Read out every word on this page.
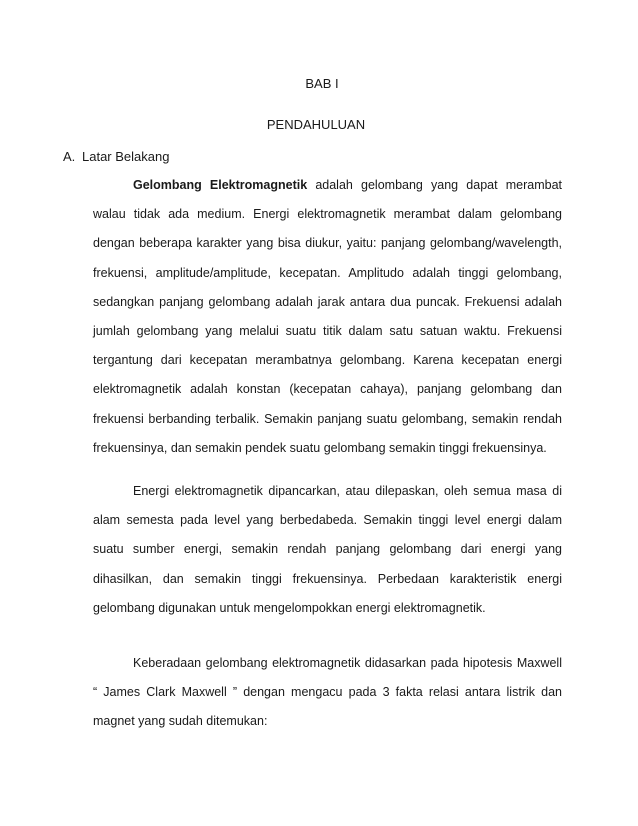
BAB I
PENDAHULUAN
A. Latar Belakang

Gelombang Elektromagnetik adalah gelombang yang dapat merambat walau tidak ada medium. Energi elektromagnetik merambat dalam gelombang dengan beberapa karakter yang bisa diukur, yaitu: panjang gelombang/wavelength, frekuensi, amplitude/amplitude, kecepatan. Amplitudo adalah tinggi gelombang, sedangkan panjang gelombang adalah jarak antara dua puncak. Frekuensi adalah jumlah gelombang yang melalui suatu titik dalam satu satuan waktu. Frekuensi tergantung dari kecepatan merambatnya gelombang. Karena kecepatan energi elektromagnetik adalah konstan (kecepatan cahaya), panjang gelombang dan frekuensi berbanding terbalik. Semakin panjang suatu gelombang, semakin rendah frekuensinya, dan semakin pendek suatu gelombang semakin tinggi frekuensinya.

Energi elektromagnetik dipancarkan, atau dilepaskan, oleh semua masa di alam semesta pada level yang berbedabeda. Semakin tinggi level energi dalam suatu sumber energi, semakin rendah panjang gelombang dari energi yang dihasilkan, dan semakin tinggi frekuensinya. Perbedaan karakteristik energi gelombang digunakan untuk mengelompokkan energi elektromagnetik.

Keberadaan gelombang elektromagnetik didasarkan pada hipotesis Maxwell “ James Clark Maxwell ” dengan mengacu pada 3 fakta relasi antara listrik dan magnet yang sudah ditemukan:
